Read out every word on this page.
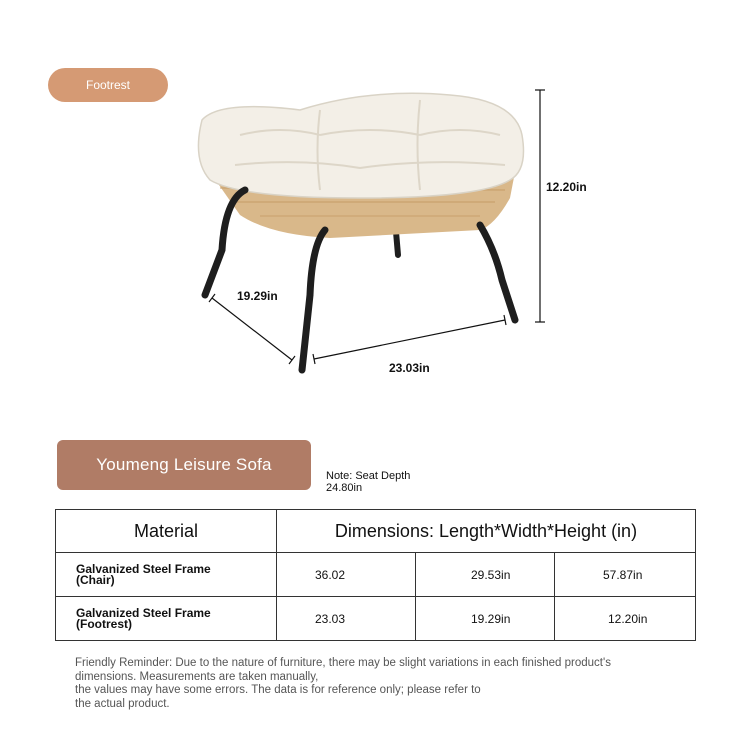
Footrest
12.20in
19.29in
23.03in
Youmeng Leisure Sofa
Note: Seat Depth
24.80in
Material	Dimensions: Length*Width*Height (in)		

Galvanized Steel Frame
(Chair)	36.02	29.53in	57.87in

Galvanized Steel Frame
(Footrest)	23.03	19.29in	12.20in
Friendly Reminder: Due to the nature of furniture, there may be slight variations in each finished product's
dimensions. Measurements are taken manually,
the values may have some errors. The data is for reference only; please refer to
the actual product.
